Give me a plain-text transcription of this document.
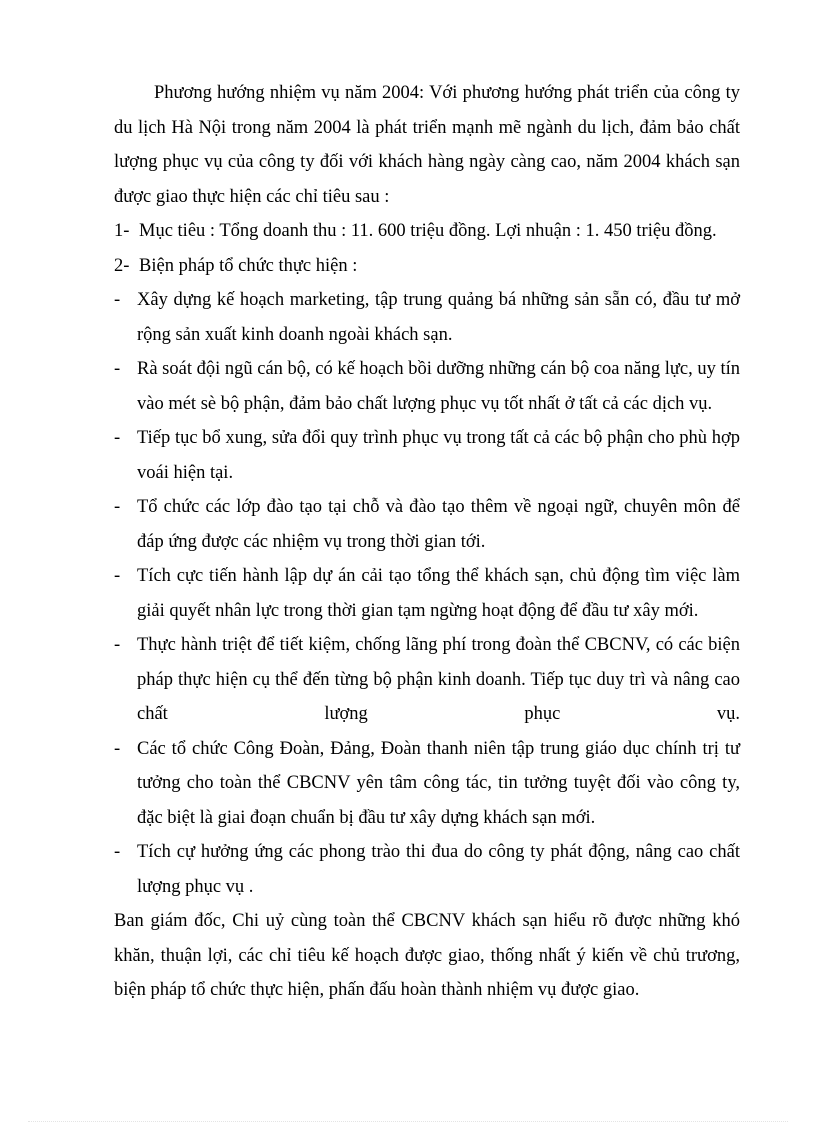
Phương hướng nhiệm vụ năm 2004: Với phương hướng phát triển của công ty du lịch Hà Nội trong năm 2004 là phát triển mạnh mẽ ngành du lịch, đảm bảo chất lượng phục vụ của công ty đối với khách hàng ngày càng cao, năm 2004 khách sạn được giao thực hiện các chỉ tiêu sau :

1- Mục tiêu : Tổng doanh thu : 11. 600 triệu đồng. Lợi nhuận : 1. 450 triệu đồng.
2- Biện pháp tổ chức thực hiện :
- Xây dựng kế hoạch marketing, tập trung quảng bá những sản sẵn có, đầu tư mở rộng sản xuất kinh doanh ngoài khách sạn.
- Rà soát đội ngũ cán bộ, có kế hoạch bồi dưỡng những cán bộ coa năng lực, uy tín vào mét sè bộ phận, đảm bảo chất lượng phục vụ tốt nhất ở tất cả các dịch vụ.
- Tiếp tục bổ xung, sửa đổi quy trình phục vụ trong tất cả các bộ phận cho phù hợp voái hiện tại.
- Tổ chức các lớp đào tạo tại chỗ và đào tạo thêm về ngoại ngữ, chuyên môn để đáp ứng được các nhiệm vụ trong thời gian tới.
- Tích cực tiến hành lập dự án cải tạo tổng thể khách sạn, chủ động tìm việc làm giải quyết nhân lực trong thời gian tạm ngừng hoạt động để đầu tư xây mới.
- Thực hành triệt để tiết kiệm, chống lãng phí trong đoàn thể CBCNV, có các biện pháp thực hiện cụ thể đến từng bộ phận kinh doanh. Tiếp tục duy trì và nâng cao chất lượng phục vụ.
- Các tổ chức Công Đoàn, Đảng, Đoàn thanh niên tập trung giáo dục chính trị tư tưởng cho toàn thể CBCNV yên tâm công tác, tin tưởng tuyệt đối vào công ty, đặc biệt là giai đoạn chuẩn bị đầu tư xây dựng khách sạn mới.
- Tích cự hưởng ứng các phong trào thi đua do công ty phát động, nâng cao chất lượng phục vụ .

Ban giám đốc, Chi uỷ cùng toàn thể CBCNV khách sạn hiểu rõ được những khó khăn, thuận lợi, các chỉ tiêu kế hoạch được giao, thống nhất ý kiến về chủ trương, biện pháp tổ chức thực hiện, phấn đấu hoàn thành nhiệm vụ được giao.
